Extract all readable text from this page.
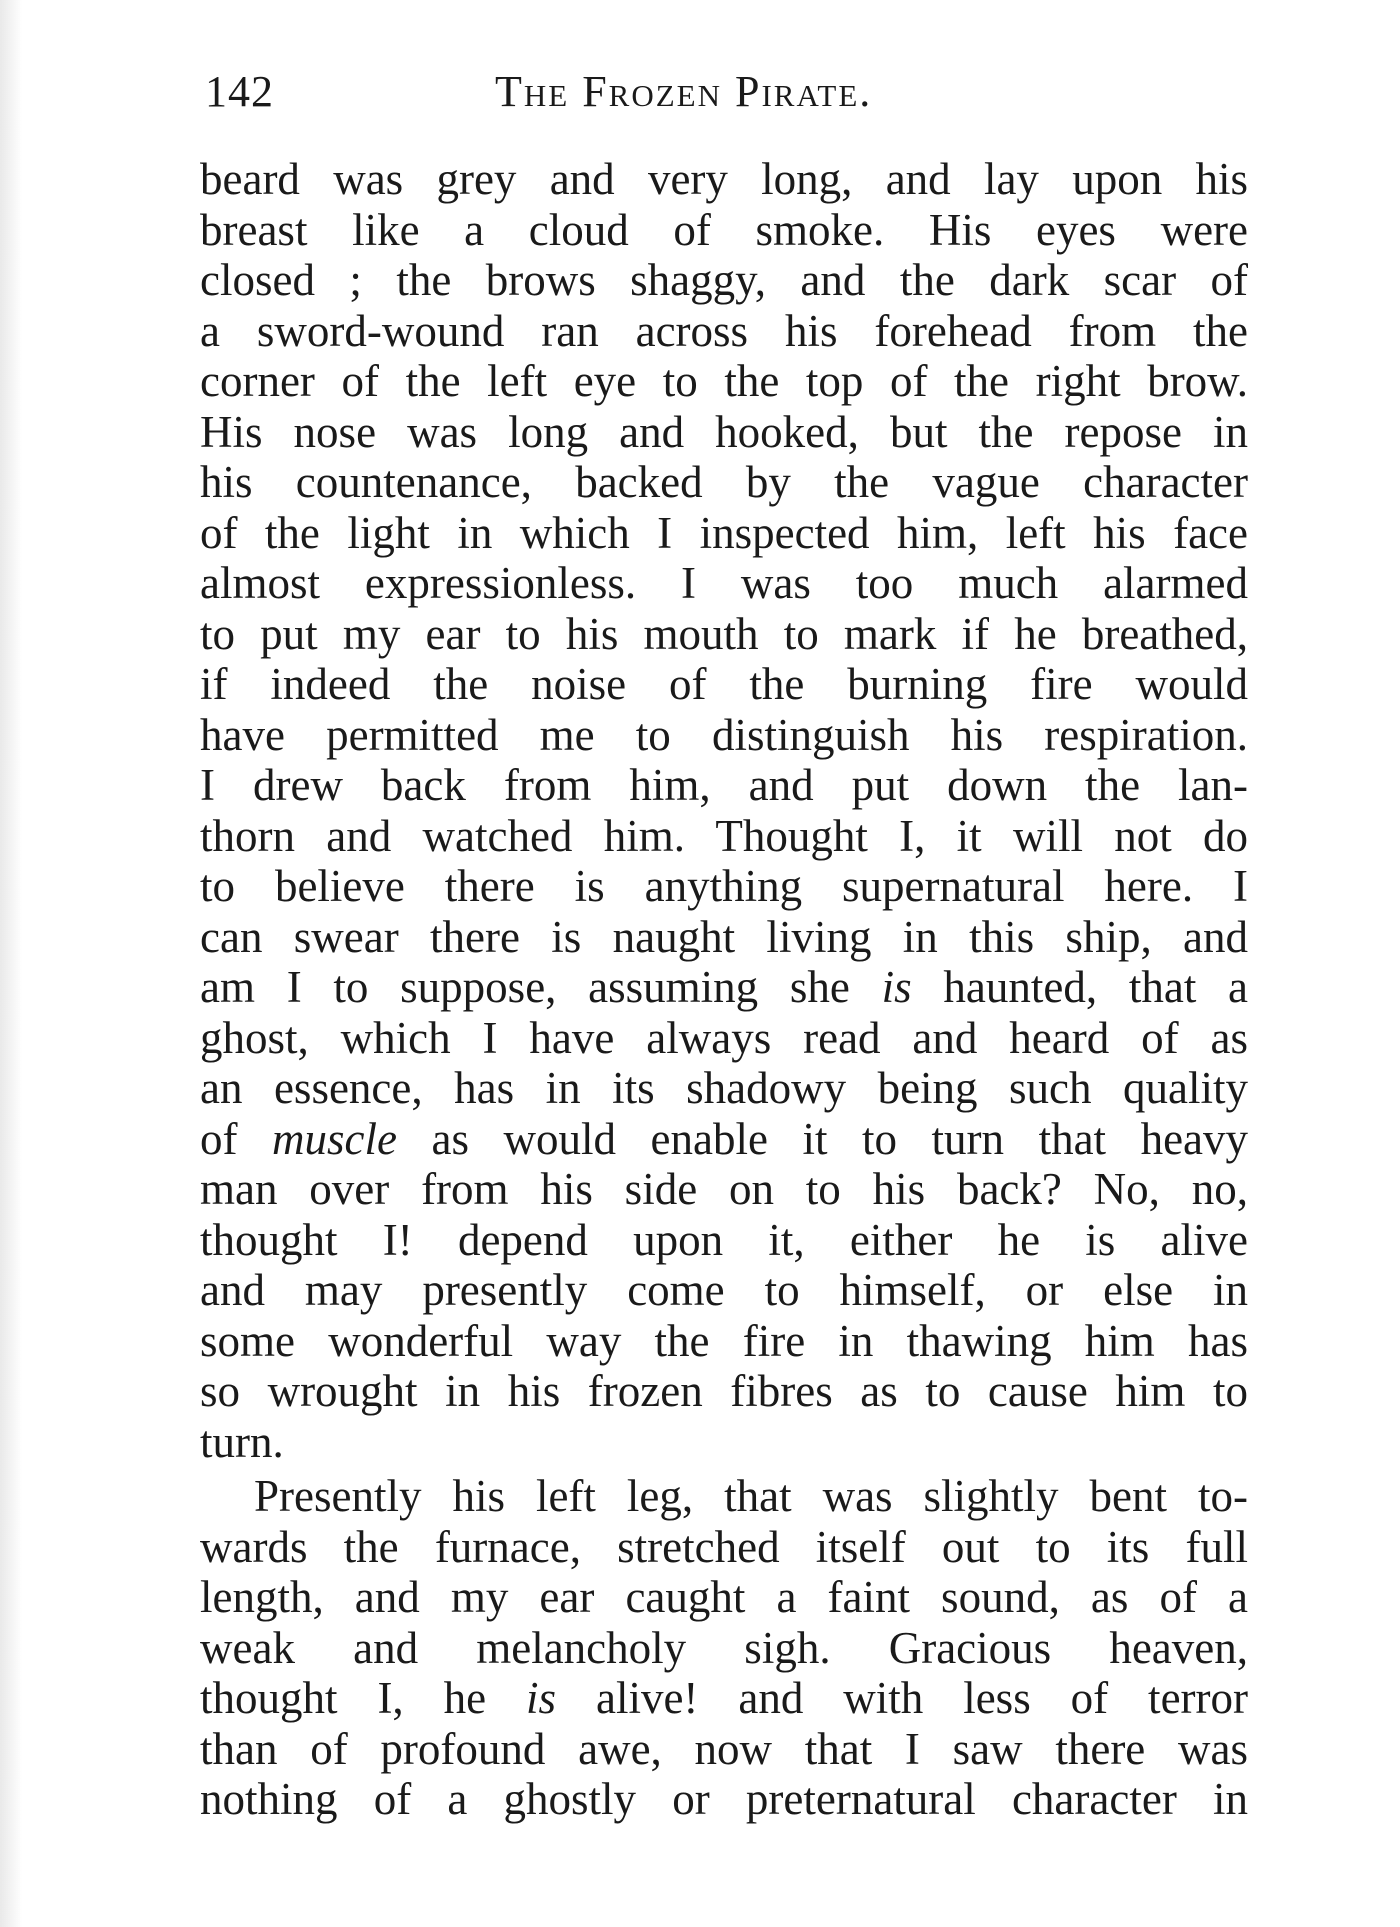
142	The Frozen Pirate.
beard was grey and very long, and lay upon his
breast like a cloud of smoke. His eyes were
closed ; the brows shaggy, and the dark scar of
a sword-wound ran across his forehead from the
corner of the left eye to the top of the right brow.
His nose was long and hooked, but the repose in
his countenance, backed by the vague character
of the light in which I inspected him, left his face
almost expressionless. I was too much alarmed
to put my ear to his mouth to mark if he breathed,
if indeed the noise of the burning fire would
have permitted me to distinguish his respiration.
I drew back from him, and put down the lan-
thorn and watched him. Thought I, it will not do
to believe there is anything supernatural here. I
can swear there is naught living in this ship, and
am I to suppose, assuming she is haunted, that a
ghost, which I have always read and heard of as
an essence, has in its shadowy being such quality
of muscle as would enable it to turn that heavy
man over from his side on to his back? No, no,
thought I! depend upon it, either he is alive
and may presently come to himself, or else in
some wonderful way the fire in thawing him has
so wrought in his frozen fibres as to cause him to
turn.
Presently his left leg, that was slightly bent to-
wards the furnace, stretched itself out to its full
length, and my ear caught a faint sound, as of a
weak and melancholy sigh. Gracious heaven,
thought I, he is alive! and with less of terror
than of profound awe, now that I saw there was
nothing of a ghostly or preternatural character in
